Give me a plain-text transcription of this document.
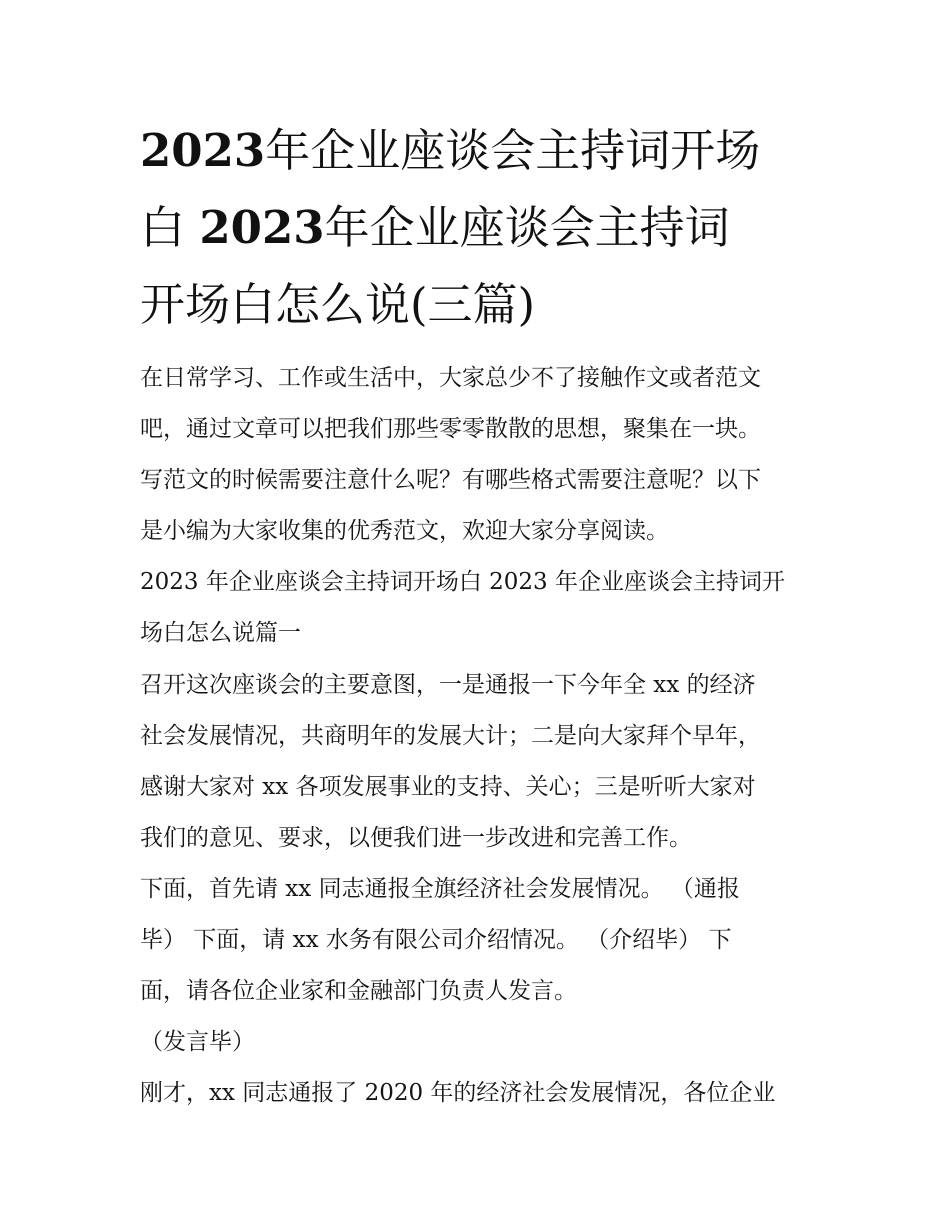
2023年企业座谈会主持词开场
白 2023年企业座谈会主持词
开场白怎么说(三篇)

在日常学习、工作或生活中，大家总少不了接触作文或者范文

吧，通过文章可以把我们那些零零散散的思想，聚集在一块。

写范文的时候需要注意什么呢？有哪些格式需要注意呢？以下

是小编为大家收集的优秀范文，欢迎大家分享阅读。

2023 年企业座谈会主持词开场白 2023 年企业座谈会主持词开

场白怎么说篇一

召开这次座谈会的主要意图，一是通报一下今年全 xx 的经济

社会发展情况，共商明年的发展大计；二是向大家拜个早年，

感谢大家对 xx 各项发展事业的支持、关心；三是听听大家对

我们的意见、要求，以便我们进一步改进和完善工作。

下面，首先请 xx 同志通报全旗经济社会发展情况。 （通报

毕） 下面，请 xx 水务有限公司介绍情况。 （介绍毕） 下

面，请各位企业家和金融部门负责人发言。

（发言毕）

刚才，xx 同志通报了 2020 年的经济社会发展情况，各位企业
